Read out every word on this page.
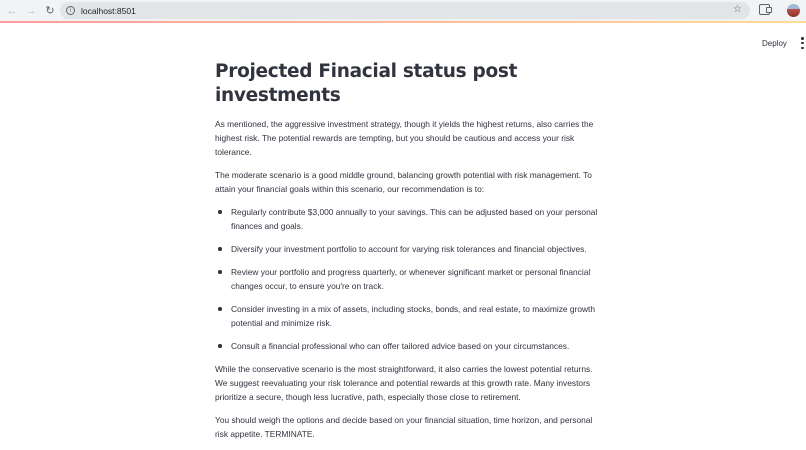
← → ↻	i	localhost:8501	☆
Deploy
Projected Finacial status post investments

As mentioned, the aggressive investment strategy, though it yields the highest returns, also carries the highest risk. The potential rewards are tempting, but you should be cautious and access your risk tolerance.

The moderate scenario is a good middle ground, balancing growth potential with risk management. To attain your financial goals within this scenario, our recommendation is to:

Regularly contribute $3,000 annually to your savings. This can be adjusted based on your personal finances and goals.
Diversify your investment portfolio to account for varying risk tolerances and financial objectives.
Review your portfolio and progress quarterly, or whenever significant market or personal financial changes occur, to ensure you're on track.
Consider investing in a mix of assets, including stocks, bonds, and real estate, to maximize growth potential and minimize risk.
Consult a financial professional who can offer tailored advice based on your circumstances.

While the conservative scenario is the most straightforward, it also carries the lowest potential returns. We suggest reevaluating your risk tolerance and potential rewards at this growth rate. Many investors prioritize a secure, though less lucrative, path, especially those close to retirement.

You should weigh the options and decide based on your financial situation, time horizon, and personal risk appetite. TERMINATE.
